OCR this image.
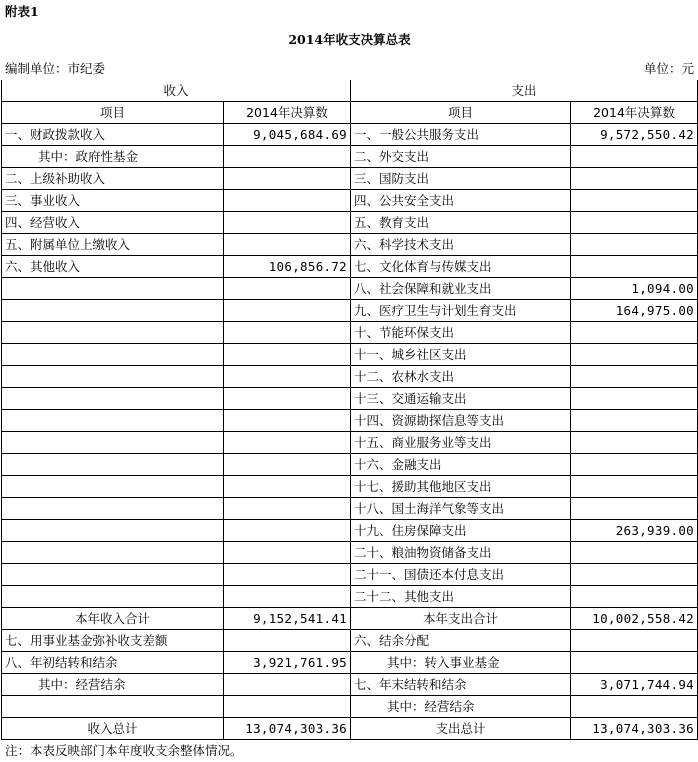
附表1			
2014年收支决算总表			
编制单位：市纪委			单位：元
收入		支出	
项目	2014年决算数	项目	2014年决算数
一、财政拨款收入	9,045,684.69	一、一般公共服务支出	9,572,550.42
其中：政府性基金		二、外交支出	
二、上级补助收入		三、国防支出	
三、事业收入		四、公共安全支出	
四、经营收入		五、教育支出	
五、附属单位上缴收入		六、科学技术支出	
六、其他收入	106,856.72	七、文化体育与传媒支出	
		八、社会保障和就业支出	1,094.00
		九、医疗卫生与计划生育支出	164,975.00
		十、节能环保支出	
		十一、城乡社区支出	
		十二、农林水支出	
		十三、交通运输支出	
		十四、资源勘探信息等支出	
		十五、商业服务业等支出	
		十六、金融支出	
		十七、援助其他地区支出	
		十八、国土海洋气象等支出	
		十九、住房保障支出	263,939.00
		二十、粮油物资储备支出	
		二十一、国债还本付息支出	
		二十二、其他支出	
本年收入合计	9,152,541.41	本年支出合计	10,002,558.42
七、用事业基金弥补收支差额		六、结余分配	
八、年初结转和结余	3,921,761.95	其中：转入事业基金	
其中：经营结余		七、年末结转和结余	3,071,744.94
		其中：经营结余	
收入总计	13,074,303.36	支出总计	13,074,303.36
注：本表反映部门本年度收支余整体情况。			
